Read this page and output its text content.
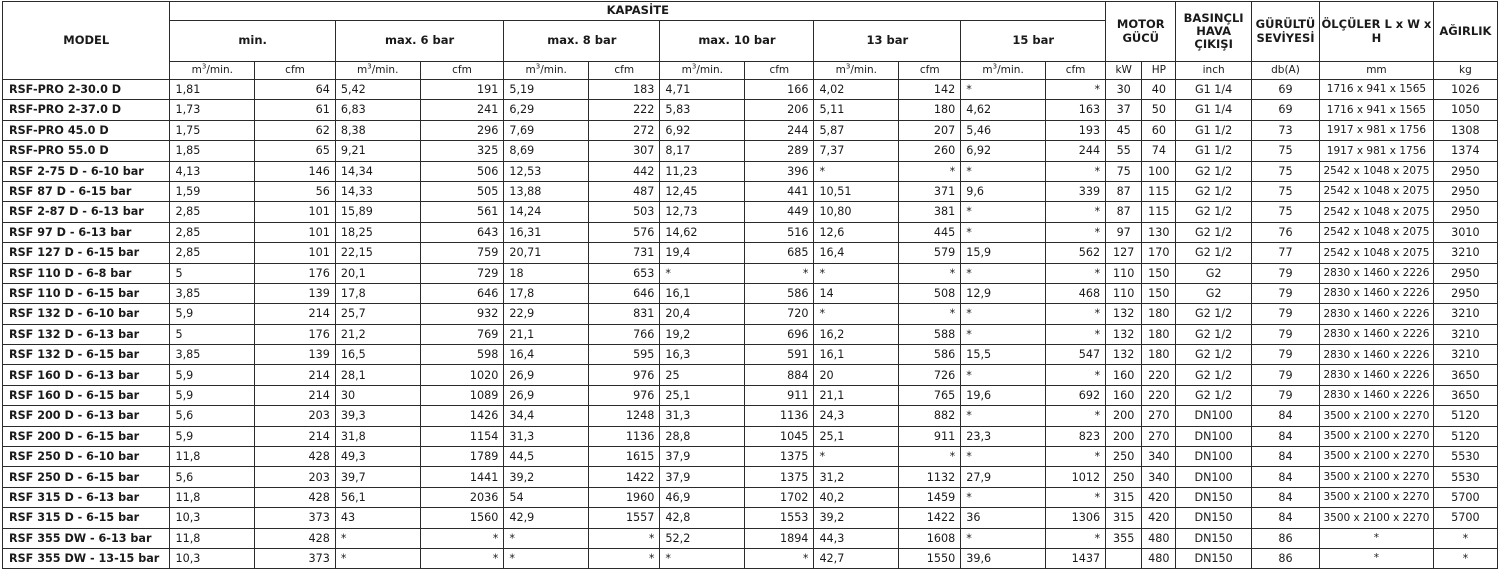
MODEL	KAPASİTE												MOTOR GÜCÜ		BASINÇLI HAVA ÇIKIŞI	GÜRÜLTÜ SEVİYESİ	ÖLÇÜLER L x W x H	AĞIRLIK
	min.		max. 6 bar		max. 8 bar		max. 10 bar		13 bar		15 bar							
	$m^3/\min$.	cfm	$m^3/\min$.	cfm	$m^3/\min$.	cfm	$m^3/\min$.	cfm	$m^3/\min$.	cfm	$m^3/\min$.	cfm	kW	HP	inch	db(A)	mm	kg
RSF-PRO 2-30.0 D	1,81	64	5,42	191	5,19	183	4,71	166	4,02	142	*	*	30	40	G1 1/4	69	1716 x 941 x 1565	1026
RSF-PRO 2-37.0 D	1,73	61	6,83	241	6,29	222	5,83	206	5,11	180	4,62	163	37	50	G1 1/4	69	1716 x 941 x 1565	1050
RSF-PRO 45.0 D	1,75	62	8,38	296	7,69	272	6,92	244	5,87	207	5,46	193	45	60	G1 1/2	73	1917 x 981 x 1756	1308
RSF-PRO 55.0 D	1,85	65	9,21	325	8,69	307	8,17	289	7,37	260	6,92	244	55	74	G1 1/2	75	1917 x 981 x 1756	1374
RSF 2-75 D - 6-10 bar	4,13	146	14,34	506	12,53	442	11,23	396	*	*	*	*	75	100	G2 1/2	75	2542 x 1048 x 2075	2950
RSF 87 D - 6-15 bar	1,59	56	14,33	505	13,88	487	12,45	441	10,51	371	9,6	339	87	115	G2 1/2	75	2542 x 1048 x 2075	2950
RSF 2-87 D - 6-13 bar	2,85	101	15,89	561	14,24	503	12,73	449	10,80	381	*	*	87	115	G2 1/2	75	2542 x 1048 x 2075	2950
RSF 97 D - 6-13 bar	2,85	101	18,25	643	16,31	576	14,62	516	12,6	445	*	*	97	130	G2 1/2	76	2542 x 1048 x 2075	3010
RSF 127 D - 6-15 bar	2,85	101	22,15	759	20,71	731	19,4	685	16,4	579	15,9	562	127	170	G2 1/2	77	2542 x 1048 x 2075	3210
RSF 110 D - 6-8 bar	5	176	20,1	729	18	653	*	*	*	*	*	*	110	150	G2	79	2830 x 1460 x 2226	2950
RSF 110 D - 6-15 bar	3,85	139	17,8	646	17,8	646	16,1	586	14	508	12,9	468	110	150	G2	79	2830 x 1460 x 2226	2950
RSF 132 D - 6-10 bar	5,9	214	25,7	932	22,9	831	20,4	720	*	*	*	*	132	180	G2 1/2	79	2830 x 1460 x 2226	3210
RSF 132 D - 6-13 bar	5	176	21,2	769	21,1	766	19,2	696	16,2	588	*	*	132	180	G2 1/2	79	2830 x 1460 x 2226	3210
RSF 132 D - 6-15 bar	3,85	139	16,5	598	16,4	595	16,3	591	16,1	586	15,5	547	132	180	G2 1/2	79	2830 x 1460 x 2226	3210
RSF 160 D - 6-13 bar	5,9	214	28,1	1020	26,9	976	25	884	20	726	*	*	160	220	G2 1/2	79	2830 x 1460 x 2226	3650
RSF 160 D - 6-15 bar	5,9	214	30	1089	26,9	976	25,1	911	21,1	765	19,6	692	160	220	G2 1/2	79	2830 x 1460 x 2226	3650
RSF 200 D - 6-13 bar	5,6	203	39,3	1426	34,4	1248	31,3	1136	24,3	882	*	*	200	270	DN100	84	3500 x 2100 x 2270	5120
RSF 200 D - 6-15 bar	5,9	214	31,8	1154	31,3	1136	28,8	1045	25,1	911	23,3	823	200	270	DN100	84	3500 x 2100 x 2270	5120
RSF 250 D - 6-10 bar	11,8	428	49,3	1789	44,5	1615	37,9	1375	*	*	*	*	250	340	DN100	84	3500 x 2100 x 2270	5530
RSF 250 D - 6-15 bar	5,6	203	39,7	1441	39,2	1422	37,9	1375	31,2	1132	27,9	1012	250	340	DN100	84	3500 x 2100 x 2270	5530
RSF 315 D - 6-13 bar	11,8	428	56,1	2036	54	1960	46,9	1702	40,2	1459	*	*	315	420	DN150	84	3500 x 2100 x 2270	5700
RSF 315 D - 6-15 bar	10,3	373	43	1560	42,9	1557	42,8	1553	39,2	1422	36	1306	315	420	DN150	84	3500 x 2100 x 2270	5700
RSF 355 DW - 6-13 bar	11,8	428	*	*	*	*	52,2	1894	44,3	1608	*	*	355	480	DN150	86	*	*
RSF 355 DW - 13-15 bar	10,3	373	*	*	*	*	*	*	42,7	1550	39,6	1437		480	DN150	86	*	*
